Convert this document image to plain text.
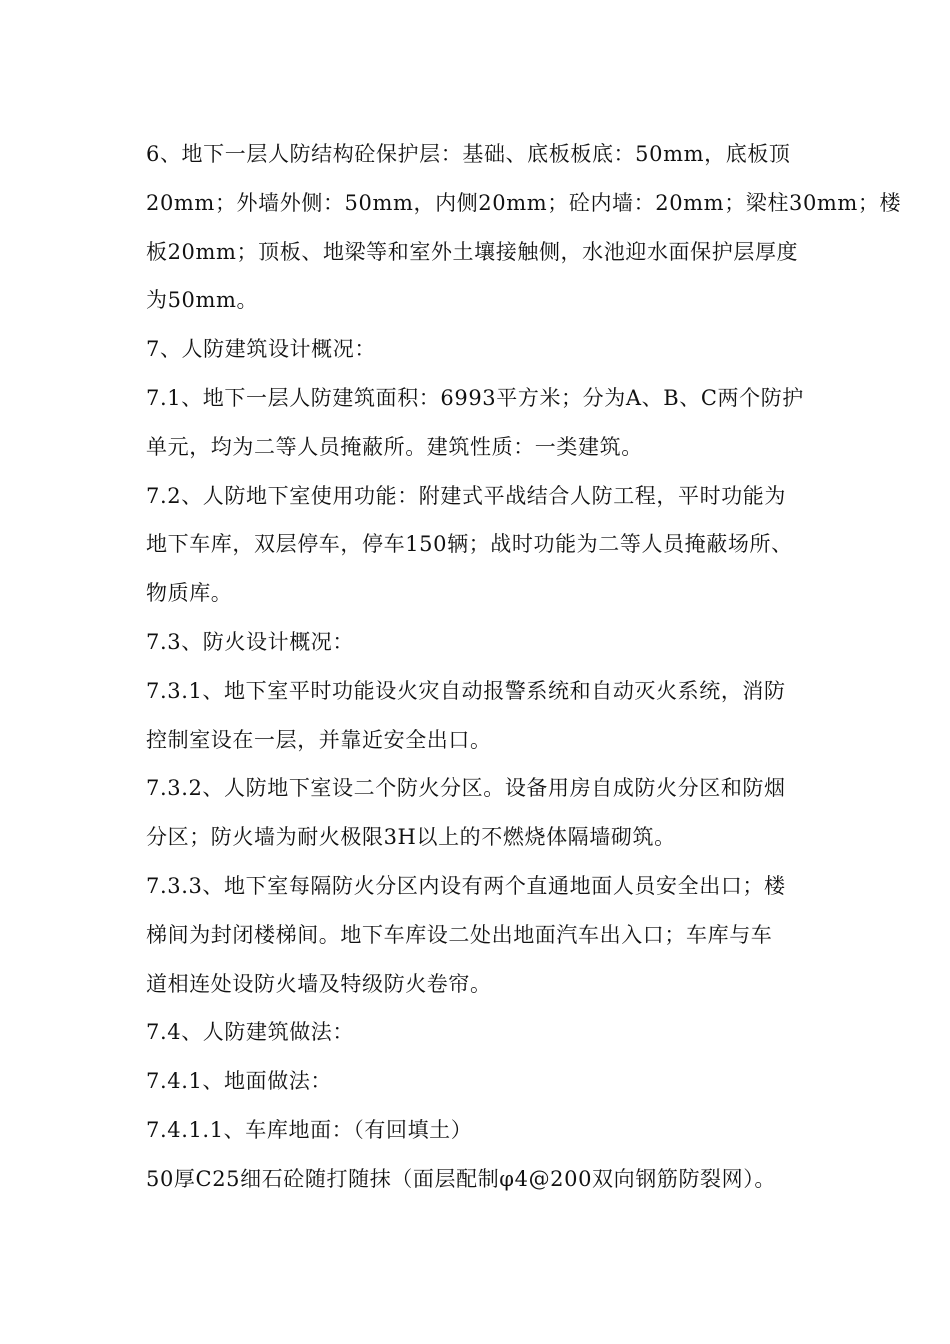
6、地下一层人防结构砼保护层：基础、底板板底：50mm，底板顶
20mm；外墙外侧：50mm，内侧20mm；砼内墙：20mm；梁柱30mm；楼
板20mm；顶板、地梁等和室外土壤接触侧，水池迎水面保护层厚度
为50mm。
7、人防建筑设计概况：
7.1、地下一层人防建筑面积：6993平方米；分为A、B、C两个防护
单元，均为二等人员掩蔽所。建筑性质：一类建筑。
7.2、人防地下室使用功能：附建式平战结合人防工程，平时功能为
地下车库，双层停车，停车150辆；战时功能为二等人员掩蔽场所、
物质库。
7.3、防火设计概况：
7.3.1、地下室平时功能设火灾自动报警系统和自动灭火系统，消防
控制室设在一层，并靠近安全出口。
7.3.2、人防地下室设二个防火分区。设备用房自成防火分区和防烟
分区；防火墙为耐火极限3H以上的不燃烧体隔墙砌筑。
7.3.3、地下室每隔防火分区内设有两个直通地面人员安全出口；楼
梯间为封闭楼梯间。地下车库设二处出地面汽车出入口；车库与车
道相连处设防火墙及特级防火卷帘。
7.4、人防建筑做法：
7.4.1、地面做法：
7.4.1.1、车库地面：（有回填土）
50厚C25细石砼随打随抹（面层配制φ4@200双向钢筋防裂网）。
